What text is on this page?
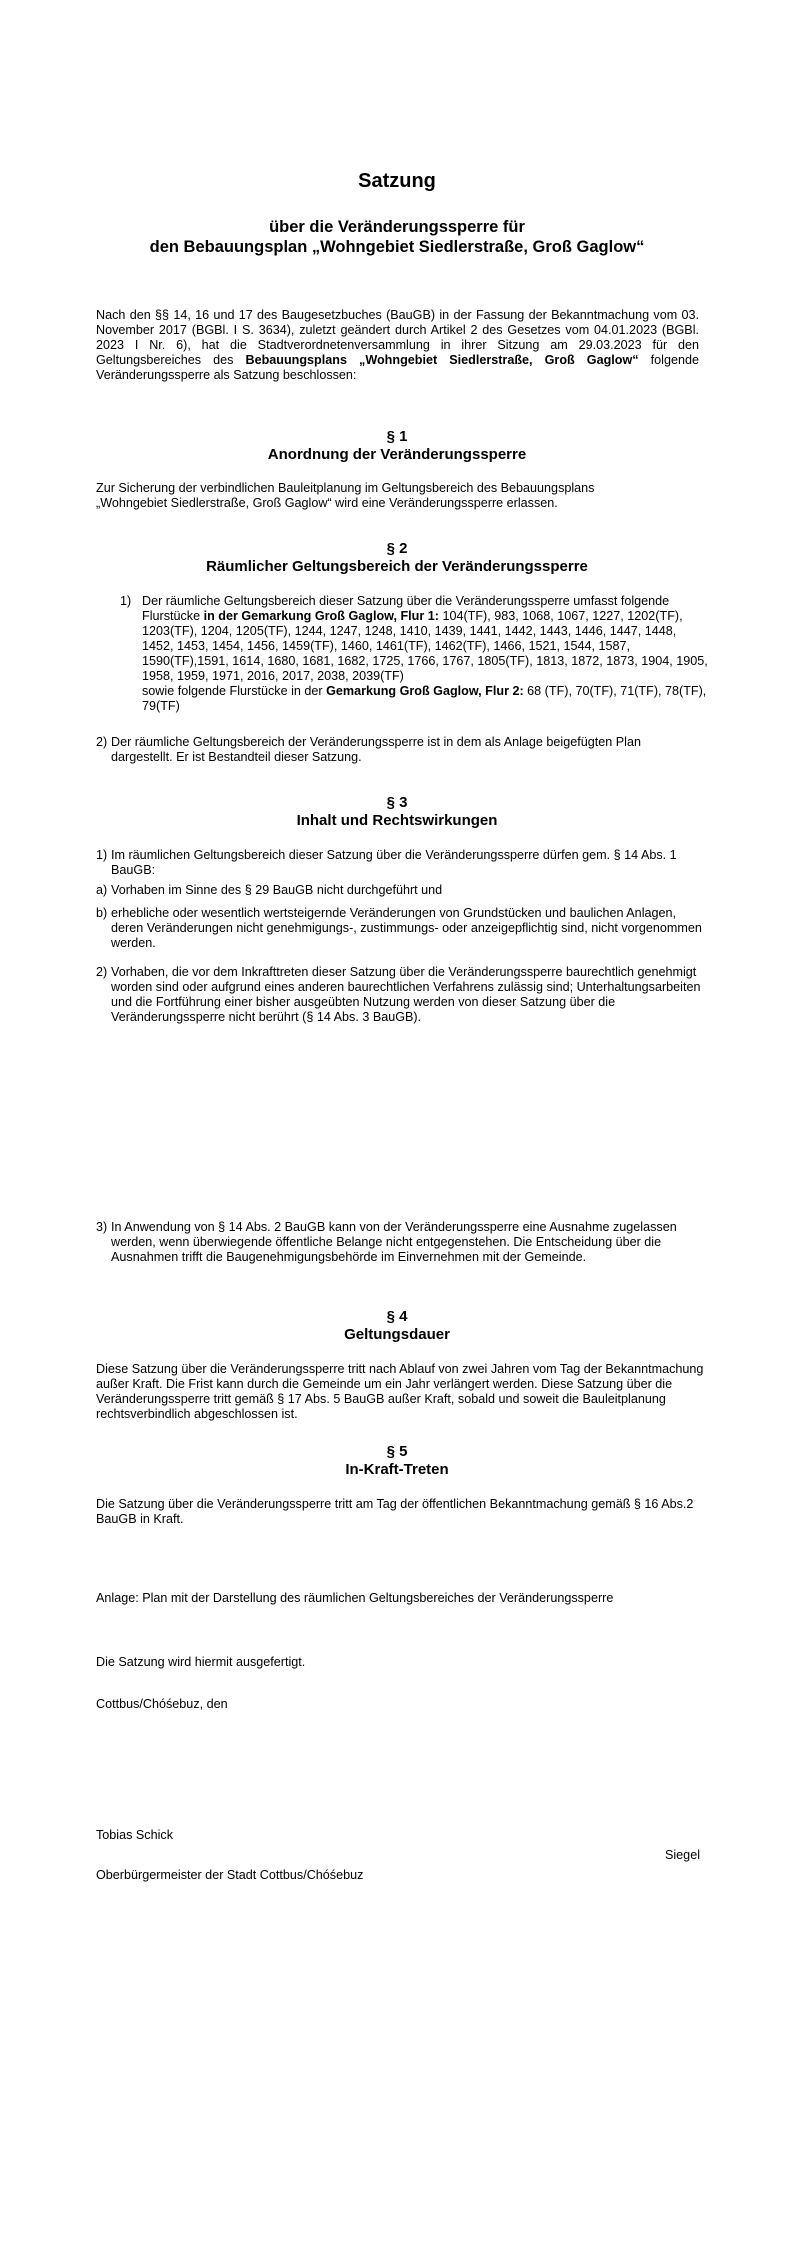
Satzung
über die Veränderungssperre für
den Bebauungsplan „Wohngebiet Siedlerstraße, Groß Gaglow“
Nach den §§ 14, 16 und 17 des Baugesetzbuches (BauGB) in der Fassung der Bekanntmachung vom 03. November 2017 (BGBl. I S. 3634), zuletzt geändert durch Artikel 2 des Gesetzes vom 04.01.2023 (BGBl. 2023 I Nr. 6), hat die Stadtverordnetenversammlung in ihrer Sitzung am 29.03.2023 für den Geltungsbereiches des Bebauungsplans „Wohngebiet Siedlerstraße, Groß Gaglow“ folgende Veränderungssperre als Satzung beschlossen:
§ 1
Anordnung der Veränderungssperre
Zur Sicherung der verbindlichen Bauleitplanung im Geltungsbereich des Bebauungsplans „Wohngebiet Siedlerstraße, Groß Gaglow“ wird eine Veränderungssperre erlassen.
§ 2
Räumlicher Geltungsbereich der Veränderungssperre
1) Der räumliche Geltungsbereich dieser Satzung über die Veränderungssperre umfasst folgende Flurstücke in der Gemarkung Groß Gaglow, Flur 1: 104(TF), 983, 1068, 1067, 1227, 1202(TF), 1203(TF), 1204, 1205(TF), 1244, 1247, 1248, 1410, 1439, 1441, 1442, 1443, 1446, 1447, 1448, 1452, 1453, 1454, 1456, 1459(TF), 1460, 1461(TF), 1462(TF), 1466, 1521, 1544, 1587, 1590(TF),1591, 1614, 1680, 1681, 1682, 1725, 1766, 1767, 1805(TF), 1813, 1872, 1873, 1904, 1905, 1958, 1959, 1971, 2016, 2017, 2038, 2039(TF)
sowie folgende Flurstücke in der Gemarkung Groß Gaglow, Flur 2: 68 (TF), 70(TF), 71(TF), 78(TF), 79(TF)
2) Der räumliche Geltungsbereich der Veränderungssperre ist in dem als Anlage beigefügten Plan dargestellt. Er ist Bestandteil dieser Satzung.
§ 3
Inhalt und Rechtswirkungen
1) Im räumlichen Geltungsbereich dieser Satzung über die Veränderungssperre dürfen gem. § 14 Abs. 1 BauGB:
a) Vorhaben im Sinne des § 29 BauGB nicht durchgeführt und
b) erhebliche oder wesentlich wertsteigernde Veränderungen von Grundstücken und baulichen Anlagen, deren Veränderungen nicht genehmigungs-, zustimmungs- oder anzeigepflichtig sind, nicht vorgenommen werden.
2) Vorhaben, die vor dem Inkrafttreten dieser Satzung über die Veränderungssperre baurechtlich genehmigt worden sind oder aufgrund eines anderen baurechtlichen Verfahrens zulässig sind; Unterhaltungsarbeiten und die Fortführung einer bisher ausgeübten Nutzung werden von dieser Satzung über die Veränderungssperre nicht berührt (§ 14 Abs. 3 BauGB).
3) In Anwendung von § 14 Abs. 2 BauGB kann von der Veränderungssperre eine Ausnahme zugelassen werden, wenn überwiegende öffentliche Belange nicht entgegenstehen. Die Entscheidung über die Ausnahmen trifft die Baugenehmigungsbehörde im Einvernehmen mit der Gemeinde.
§ 4
Geltungsdauer
Diese Satzung über die Veränderungssperre tritt nach Ablauf von zwei Jahren vom Tag der Bekanntmachung außer Kraft. Die Frist kann durch die Gemeinde um ein Jahr verlängert werden. Diese Satzung über die Veränderungssperre tritt gemäß § 17 Abs. 5 BauGB außer Kraft, sobald und soweit die Bauleitplanung rechtsverbindlich abgeschlossen ist.
§ 5
In-Kraft-Treten
Die Satzung über die Veränderungssperre tritt am Tag der öffentlichen Bekanntmachung gemäß § 16 Abs.2 BauGB in Kraft.
Anlage: Plan mit der Darstellung des räumlichen Geltungsbereiches der Veränderungssperre
Die Satzung wird hiermit ausgefertigt.
Cottbus/Chóśebuz, den
Tobias Schick
Siegel
Oberbürgermeister der Stadt Cottbus/Chóśebuz
